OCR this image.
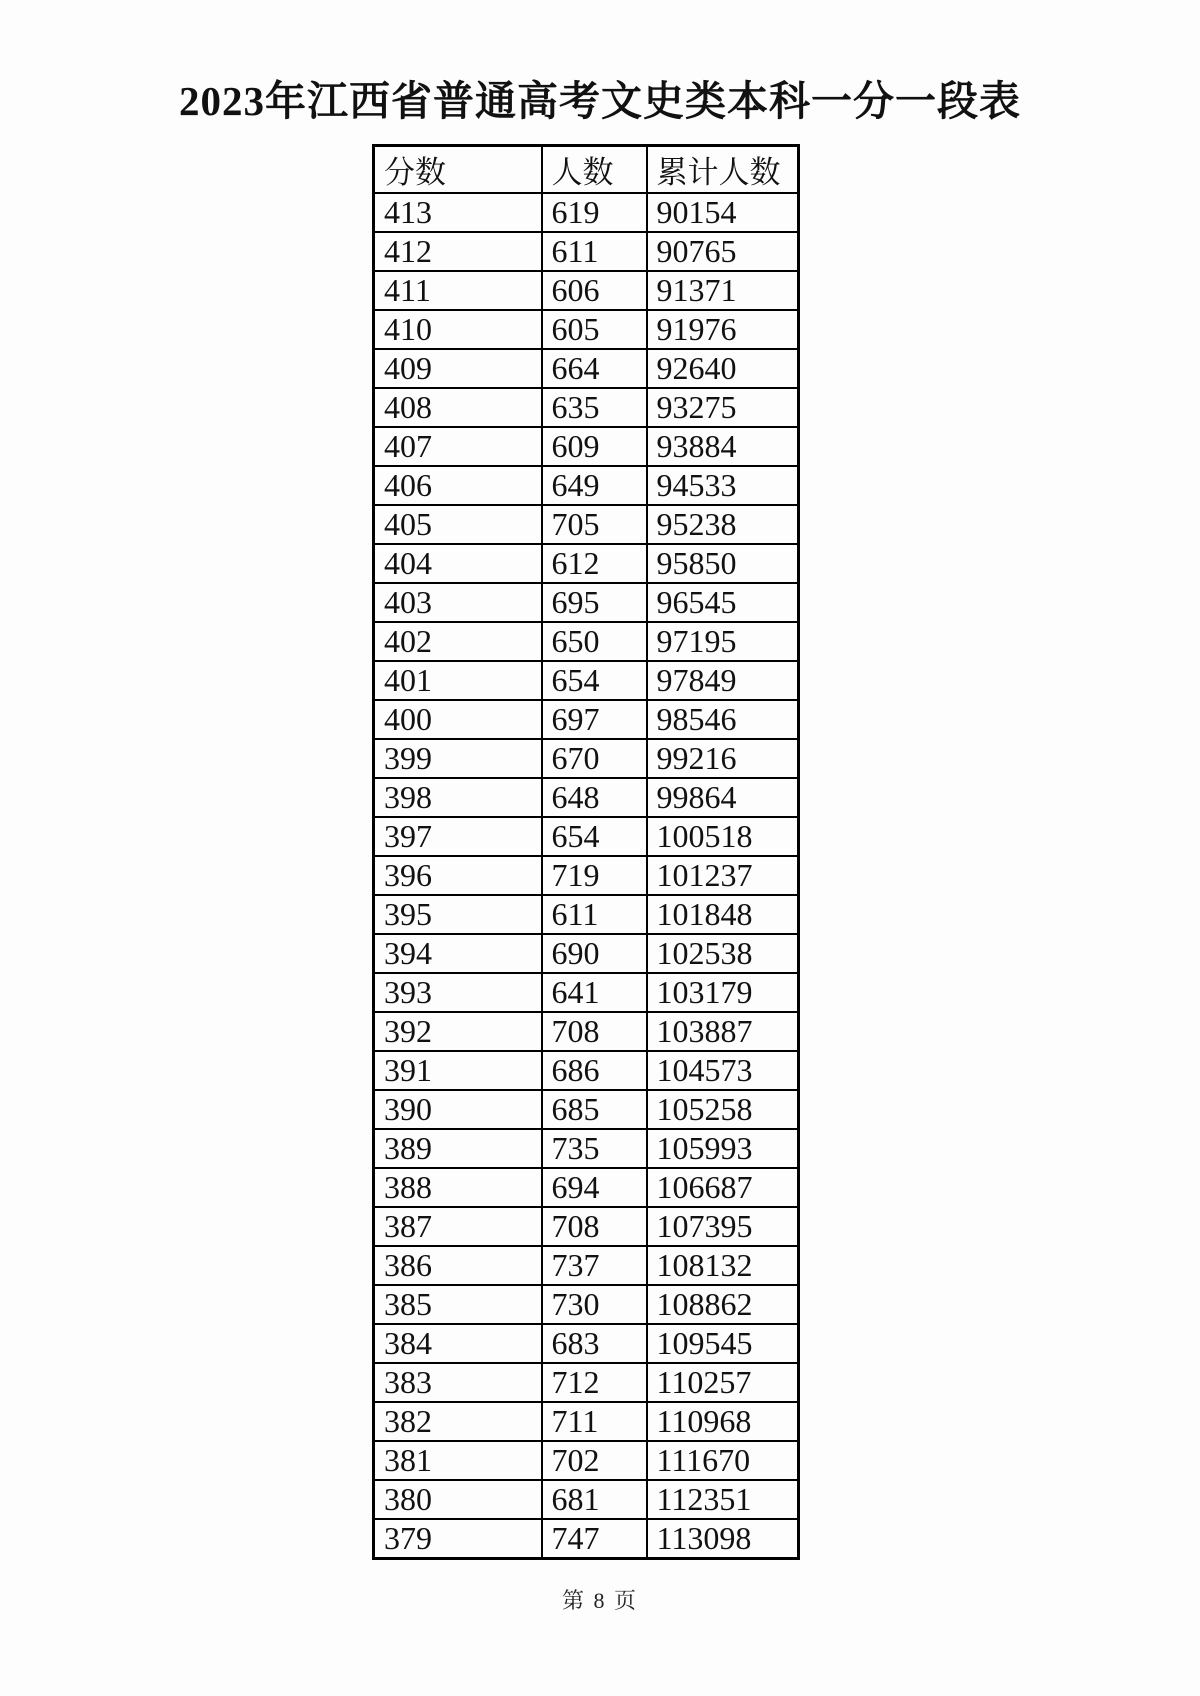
2023年江西省普通高考文史类本科一分一段表
分数	人数	累计人数
413	619	90154
412	611	90765
411	606	91371
410	605	91976
409	664	92640
408	635	93275
407	609	93884
406	649	94533
405	705	95238
404	612	95850
403	695	96545
402	650	97195
401	654	97849
400	697	98546
399	670	99216
398	648	99864
397	654	100518
396	719	101237
395	611	101848
394	690	102538
393	641	103179
392	708	103887
391	686	104573
390	685	105258
389	735	105993
388	694	106687
387	708	107395
386	737	108132
385	730	108862
384	683	109545
383	712	110257
382	711	110968
381	702	111670
380	681	112351
379	747	113098
第 8 页
